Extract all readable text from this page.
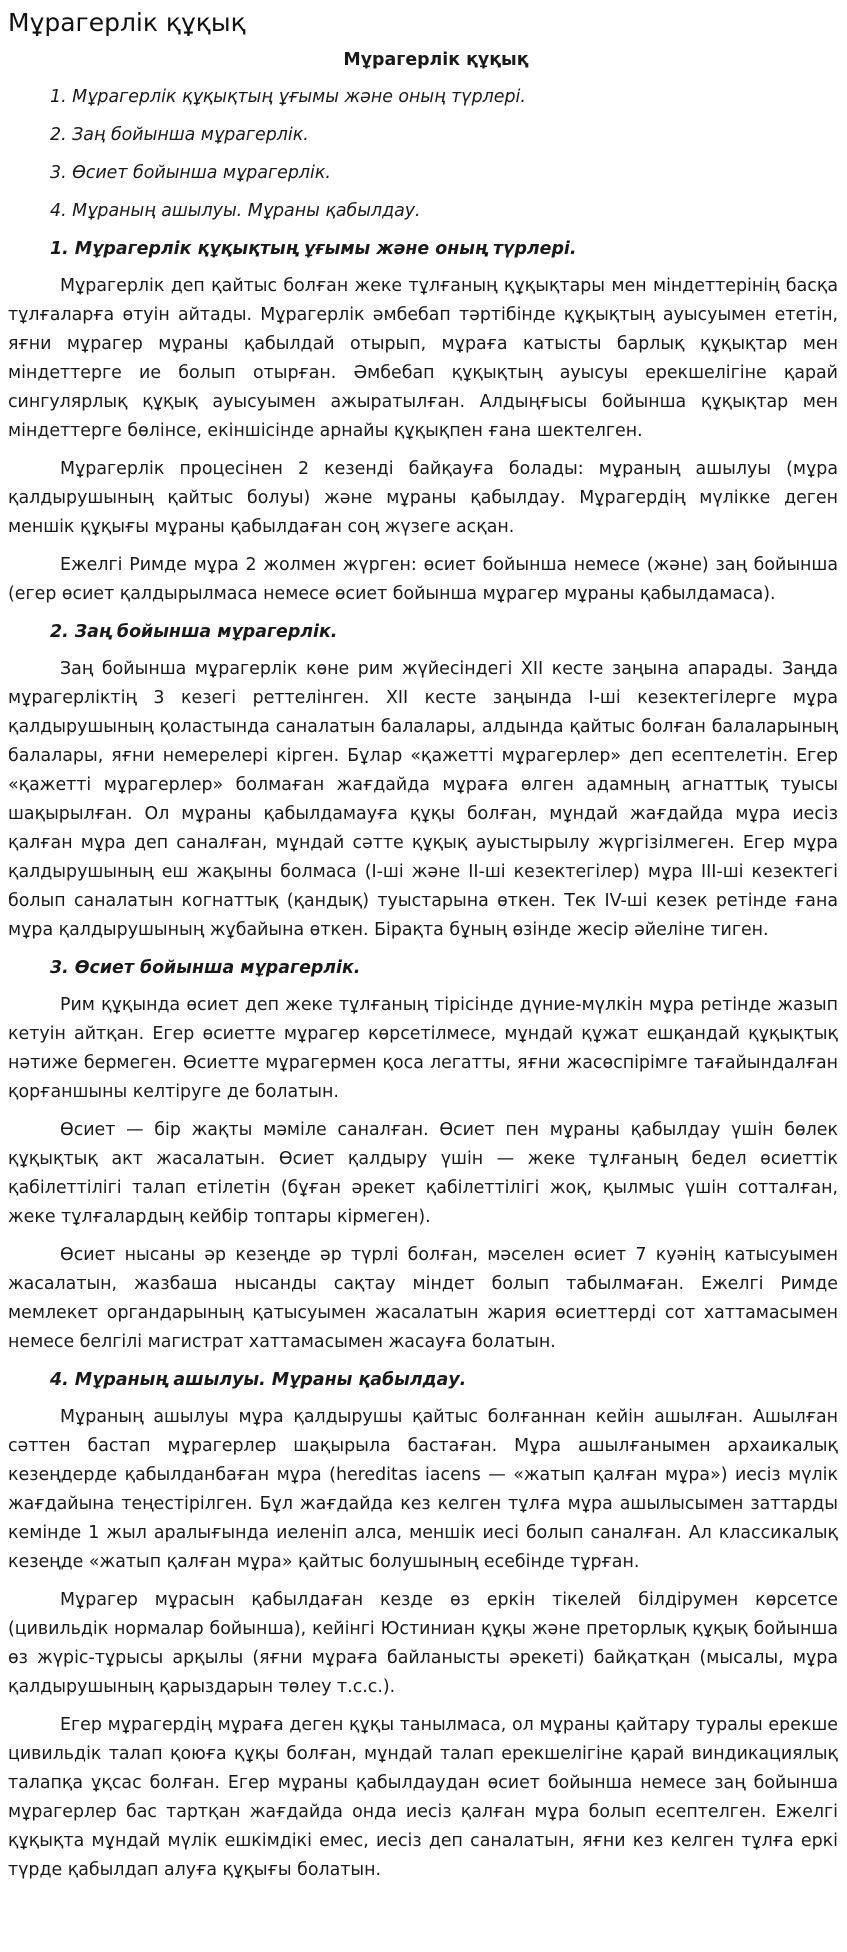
Мұрагерлік құқық
Мұрагерлік құқық
1. Мұрагерлік құқықтың ұғымы және оның түрлері.
2. Заң бойынша мұрагерлік.
3. Өсиет бойынша мұрагерлік.
4. Мұраның ашылуы. Мұраны қабылдау.
1. Мұрагерлік құқықтың ұғымы және оның түрлері.

Мұрагерлік деп қайтыс болған жеке тұлғаның құқықтары мен міндеттерінің басқа тұлғаларға өтуін айтады. Мұрагерлік әмбебап тәртібінде құқықтың ауысуымен ететін, яғни мұрагер мұраны қабылдай отырып, мұраға катысты барлық құқықтар мен міндеттерге ие болып отырған. Әмбебап құқықтың ауысуы ерекшелігіне қарай сингулярлық құқық ауысуымен ажыратылған. Алдыңғысы бойынша құқықтар мен міндеттерге бөлінсе, екіншісінде арнайы құқықпен ғана шектелген.

Мұрагерлік процесінен 2 кезенді байқауға болады: мұраның ашылуы (мұра қалдырушының қайтыс болуы) және мұраны қабылдау. Мұрагердің мүлікке деген меншік құқығы мұраны қабылдаған соң жүзеге асқан.

Ежелгі Римде мұра 2 жолмен жүрген: өсиет бойынша немесе (және) заң бойынша (егер өсиет қалдырылмаса немесе өсиет бойынша мұрагер мұраны қабылдамаса).

2. Заң бойынша мұрагерлік.

Заң бойынша мұрагерлік көне рим жүйесіндегі XII кесте заңына апарады. Заңда мұрагерліктің 3 кезегі реттелінген. XII кесте заңында I-ші кезектегілерге мұра қалдырушының қоластында саналатын балалары, алдында қайтыс болған балаларының балалары, яғни немерелері кірген. Бұлар «қажетті мұрагерлер» деп есептелетін. Егер «қажетті мұрагерлер» болмаған жағдайда мұраға өлген адамның агнаттық туысы шақырылған. Ол мұраны қабылдамауға құқы болған, мұндай жағдайда мұра иесіз қалған мұра деп саналған, мұндай сәтте құқық ауыстырылу жүргізілмеген. Егер мұра қалдырушының еш жақыны болмаса (I-ші және II-ші кезектегілер) мұра III-ші кезектегі болып саналатын когнаттық (қандық) туыстарына өткен. Тек IV-ші кезек ретінде ғана мұра қалдырушының жұбайына өткен. Бірақта бұның өзінде жесір әйеліне тиген.

3. Өсиет бойынша мұрагерлік.

Рим құқында өсиет деп жеке тұлғаның тірісінде дүние-мүлкін мұра ретінде жазып кетуін айтқан. Егер өсиетте мұрагер көрсетілмесе, мұндай құжат ешқандай құқықтық нәтиже бермеген. Өсиетте мұрагермен қоса легатты, яғни жасөспірімге тағайындалған қорғаншыны келтіруге де болатын.

Өсиет — бір жақты мәміле саналған. Өсиет пен мұраны қабылдау үшін бөлек құқықтық акт жасалатын. Өсиет қалдыру үшін — жеке тұлғаның бедел өсиеттік қабілеттілігі талап етілетін (бұған әрекет қабілеттілігі жоқ, қылмыс үшін сотталған, жеке тұлғалардың кейбір топтары кірмеген).

Өсиет нысаны әр кезеңде әр түрлі болған, мәселен өсиет 7 куәнің катысуымен жасалатын, жазбаша нысанды сақтау міндет болып табылмаған. Ежелгі Римде мемлекет органдарының қатысуымен жасалатын жария өсиеттерді сот хаттамасымен немесе белгілі магистрат хаттамасымен жасауға болатын.

4. Мұраның ашылуы. Мұраны қабылдау.

Мұраның ашылуы мұра қалдырушы қайтыс болғаннан кейін ашылған. Ашылған сәттен бастап мұрагерлер шақырыла бастаған. Мұра ашылғанымен архаикалық кезеңдерде қабылданбаған мұра (hereditas iacens — «жатып қалған мұра») иесіз мүлік жағдайына теңестірілген. Бұл жағдайда кез келген тұлға мұра ашылысымен заттарды кемінде 1 жыл аралығында иеленіп алса, меншік иесі болып саналған. Ал классикалық кезеңде «жатып қалған мұра» қайтыс болушының есебінде тұрған.

Мұрагер мұрасын қабылдаған кезде өз еркін тікелей білдірумен көрсетсе (цивильдік нормалар бойынша), кейінгі Юстиниан құқы және преторлық құқық бойынша өз жүріс-тұрысы арқылы (яғни мұраға байланысты әрекеті) байқатқан (мысалы, мұра қалдырушының қарыздарын төлеу т.с.с.).

Егер мұрагердің мұраға деген құқы танылмаса, ол мұраны қайтару туралы ерекше цивильдік талап қоюға құқы болған, мұндай талап ерекшелігіне қарай виндикациялық талапқа ұқсас болған. Егер мұраны қабылдаудан өсиет бойынша немесе заң бойынша мұрагерлер бас тартқан жағдайда онда иесіз қалған мұра болып есептелген. Ежелгі құқықта мұндай мүлік ешкімдікі емес, иесіз деп саналатын, яғни кез келген тұлға еркі түрде қабылдап алуға құқығы болатын.
